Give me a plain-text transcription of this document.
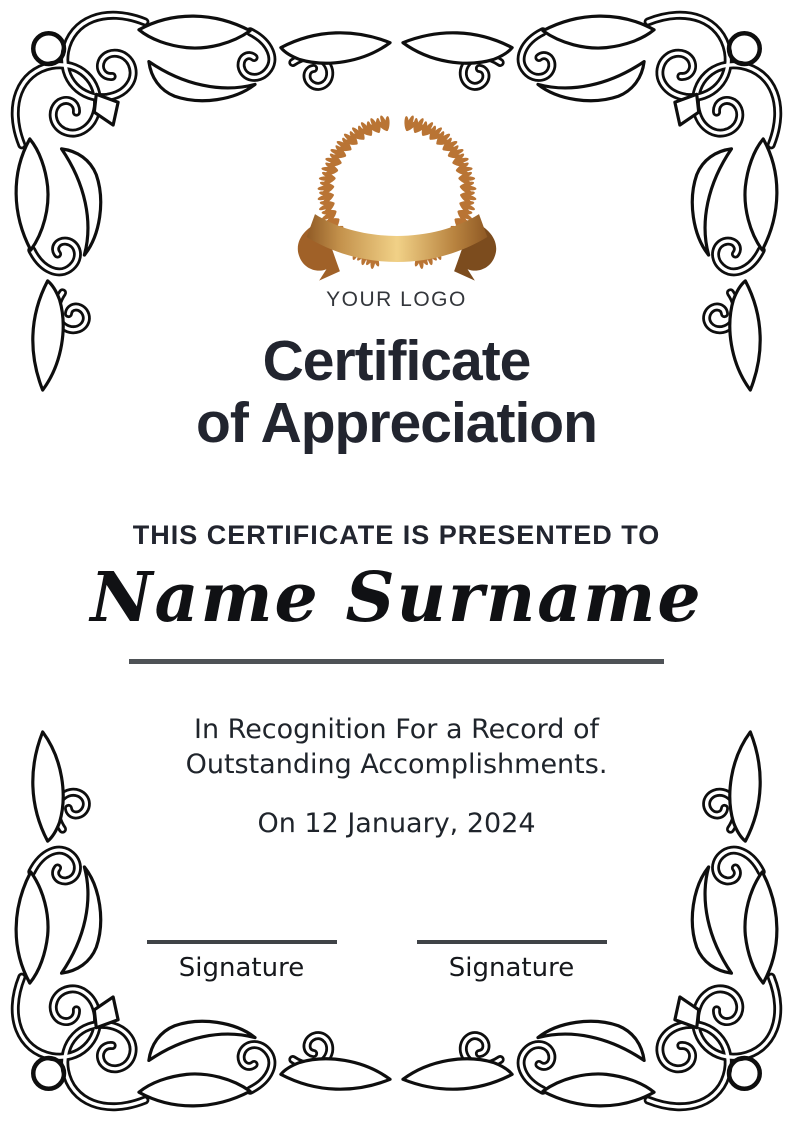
YOUR LOGO
Certificate
of Appreciation
THIS CERTIFICATE IS PRESENTED TO
Name Surname
In Recognition For a Record of
Outstanding Accomplishments.
On 12 January, 2024
Signature	Signature
